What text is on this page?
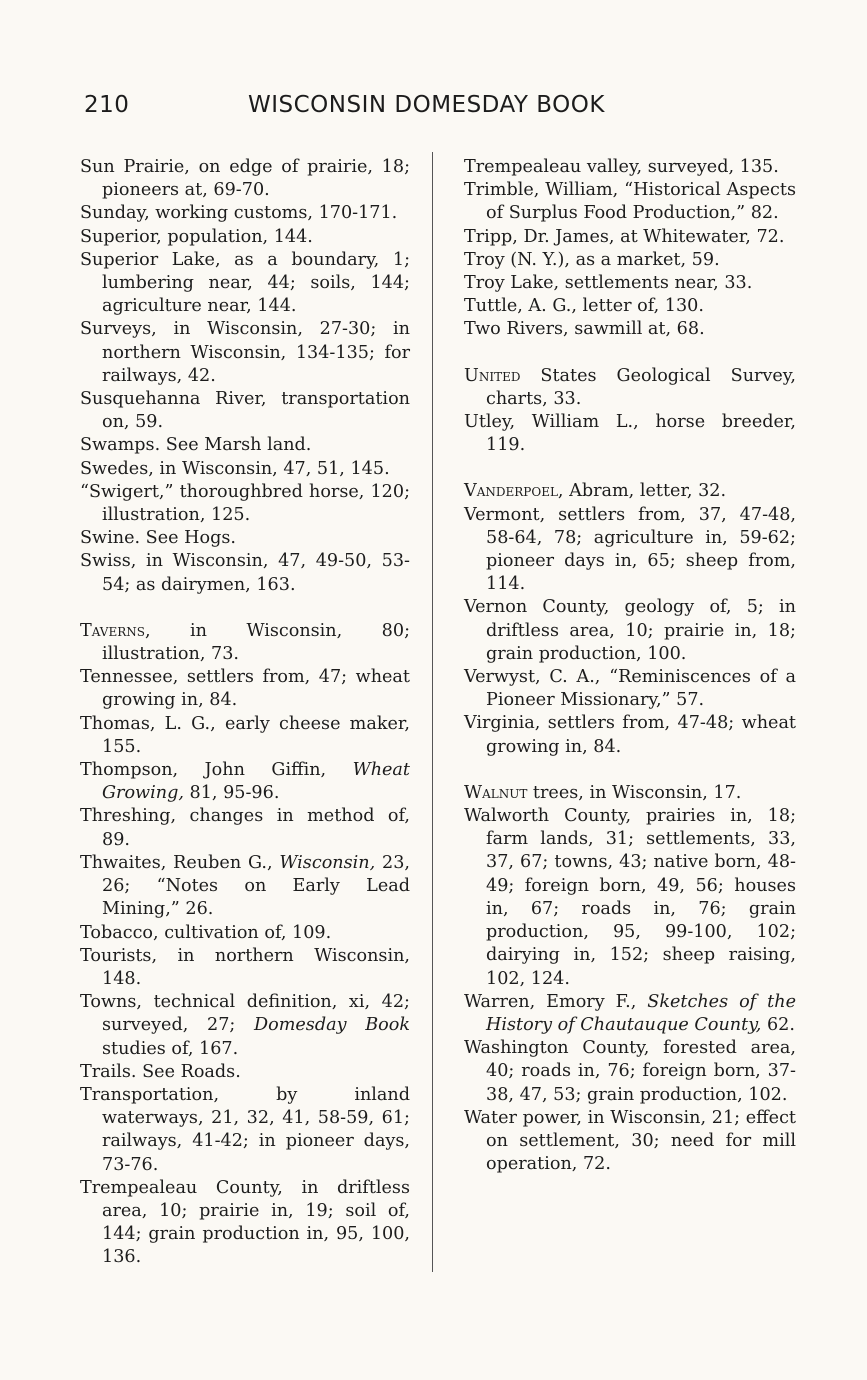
210	WISCONSIN DOMESDAY BOOK

Sun Prairie, on edge of prairie, 18; pioneers at, 69-70.

Sunday, working customs, 170-171.

Superior, population, 144.

Superior Lake, as a boundary, 1; lumbering near, 44; soils, 144; agriculture near, 144.

Surveys, in Wisconsin, 27-30; in northern Wisconsin, 134-135; for railways, 42.

Susquehanna River, transportation on, 59.

Swamps. See Marsh land.

Swedes, in Wisconsin, 47, 51, 145.

“Swigert,” thoroughbred horse, 120; illustration, 125.

Swine. See Hogs.

Swiss, in Wisconsin, 47, 49-50, 53-54; as dairymen, 163.

Taverns, in Wisconsin, 80; illustration, 73.

Tennessee, settlers from, 47; wheat growing in, 84.

Thomas, L. G., early cheese maker, 155.

Thompson, John Giffin, Wheat Growing, 81, 95-96.

Threshing, changes in method of, 89.

Thwaites, Reuben G., Wisconsin, 23, 26; “Notes on Early Lead Mining,” 26.

Tobacco, cultivation of, 109.

Tourists, in northern Wisconsin, 148.

Towns, technical definition, xi, 42; surveyed, 27; Domesday Book studies of, 167.

Trails. See Roads.

Transportation, by inland waterways, 21, 32, 41, 58-59, 61; railways, 41-42; in pioneer days, 73-76.

Trempealeau County, in driftless area, 10; prairie in, 19; soil of, 144; grain production in, 95, 100, 136.

Trempealeau valley, surveyed, 135.

Trimble, William, “Historical Aspects of Surplus Food Production,” 82.

Tripp, Dr. James, at Whitewater, 72.

Troy (N. Y.), as a market, 59.

Troy Lake, settlements near, 33.

Tuttle, A. G., letter of, 130.

Two Rivers, sawmill at, 68.

United States Geological Survey, charts, 33.

Utley, William L., horse breeder, 119.

Vanderpoel, Abram, letter, 32.

Vermont, settlers from, 37, 47-48, 58-64, 78; agriculture in, 59-62; pioneer days in, 65; sheep from, 114.

Vernon County, geology of, 5; in driftless area, 10; prairie in, 18; grain production, 100.

Verwyst, C. A., “Reminiscences of a Pioneer Missionary,” 57.

Virginia, settlers from, 47-48; wheat growing in, 84.

Walnut trees, in Wisconsin, 17.

Walworth County, prairies in, 18; farm lands, 31; settlements, 33, 37, 67; towns, 43; native born, 48-49; foreign born, 49, 56; houses in, 67; roads in, 76; grain production, 95, 99-100, 102; dairying in, 152; sheep raising, 102, 124.

Warren, Emory F., Sketches of the History of Chautauque County, 62.

Washington County, forested area, 40; roads in, 76; foreign born, 37-38, 47, 53; grain production, 102.

Water power, in Wisconsin, 21; effect on settlement, 30; need for mill operation, 72.
